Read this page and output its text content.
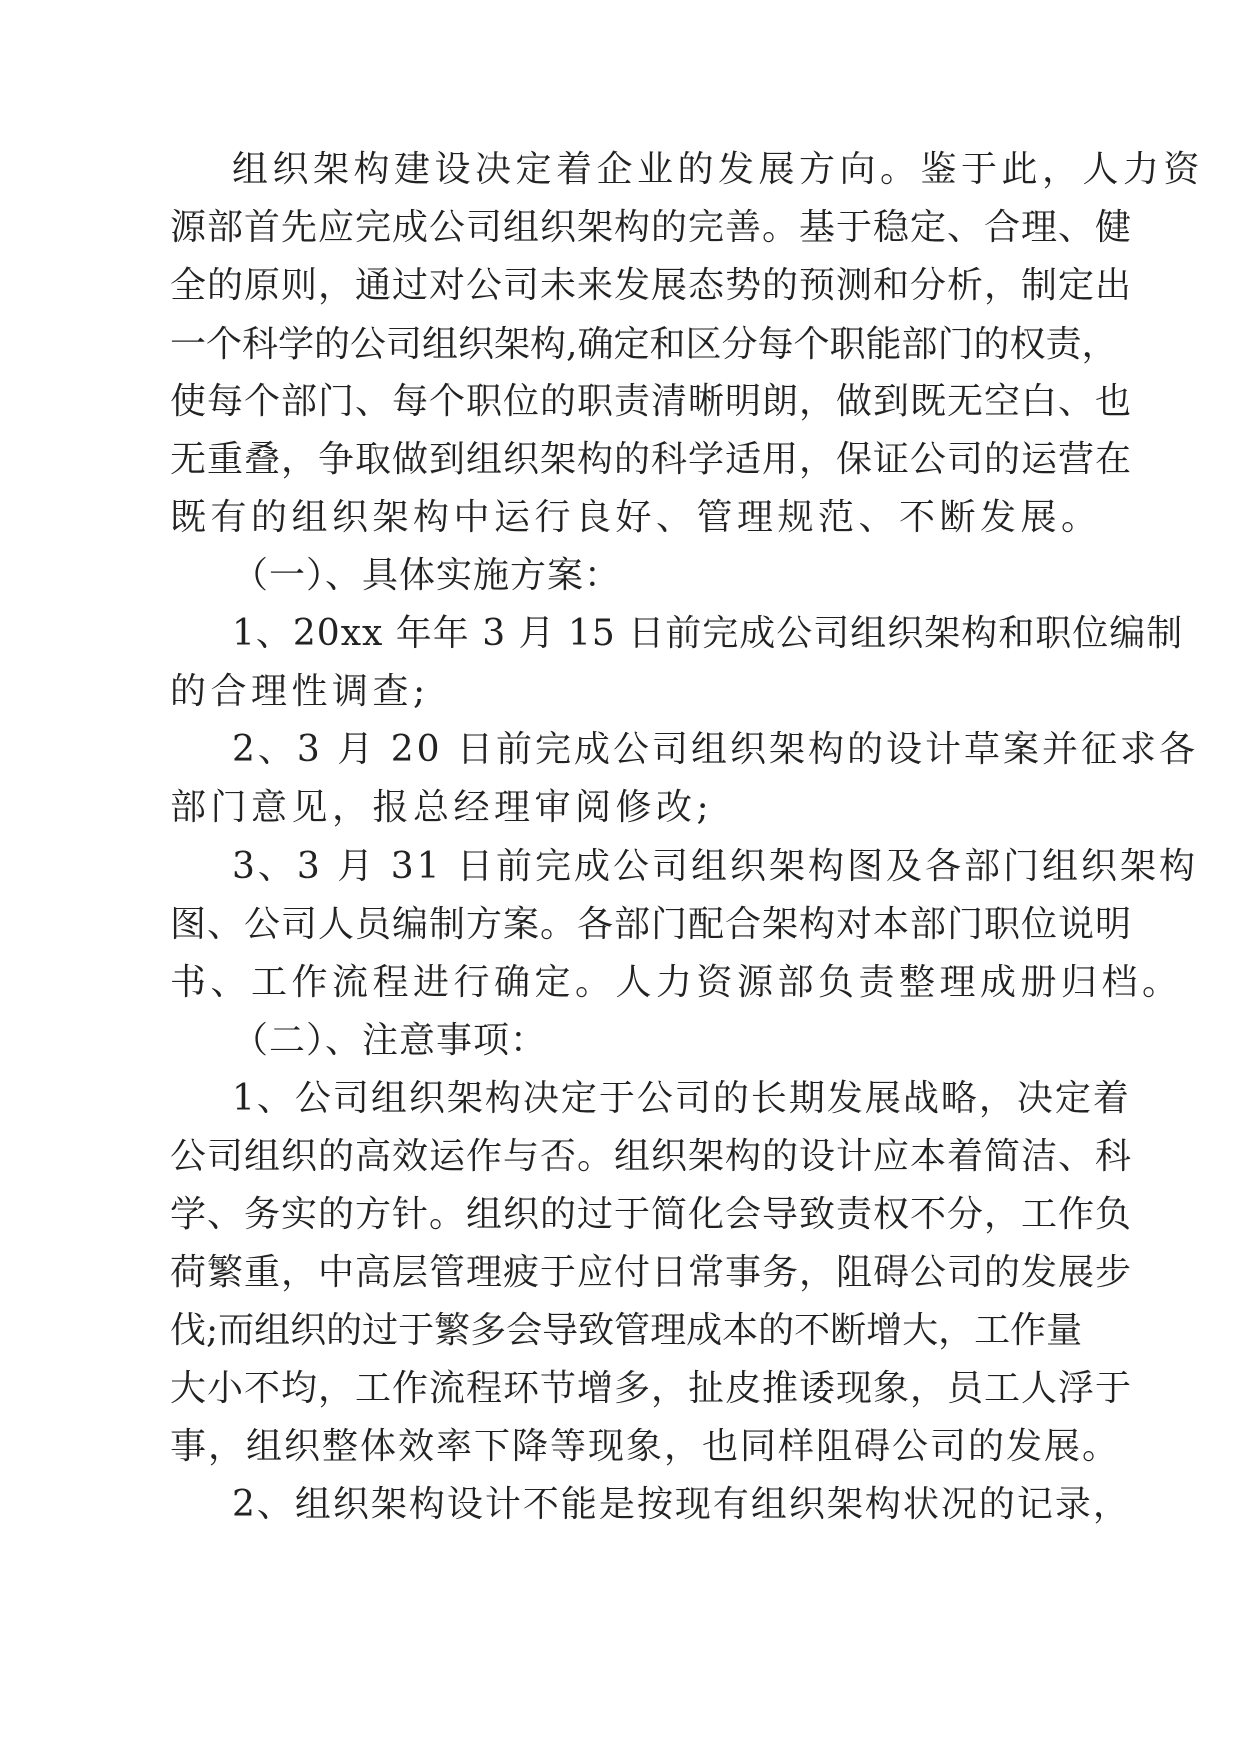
组织架构建设决定着企业的发展方向。鉴于此，人力资

源部首先应完成公司组织架构的完善。基于稳定、合理、健

全的原则，通过对公司未来发展态势的预测和分析，制定出

一个科学的公司组织架构,确定和区分每个职能部门的权责，

使每个部门、每个职位的职责清晰明朗，做到既无空白、也

无重叠，争取做到组织架构的科学适用，保证公司的运营在

既有的组织架构中运行良好、管理规范、不断发展。

（一）、具体实施方案：

1、20xx 年年 3 月 15 日前完成公司组织架构和职位编制

的合理性调查;

2、3 月 20 日前完成公司组织架构的设计草案并征求各

部门意见，报总经理审阅修改;

3、3 月 31 日前完成公司组织架构图及各部门组织架构

图、公司人员编制方案。各部门配合架构对本部门职位说明

书、工作流程进行确定。人力资源部负责整理成册归档。

（二）、注意事项：

1、公司组织架构决定于公司的长期发展战略，决定着

公司组织的高效运作与否。组织架构的设计应本着简洁、科

学、务实的方针。组织的过于简化会导致责权不分，工作负

荷繁重，中高层管理疲于应付日常事务，阻碍公司的发展步

伐;而组织的过于繁多会导致管理成本的不断增大，工作量

大小不均，工作流程环节增多，扯皮推诿现象，员工人浮于

事，组织整体效率下降等现象，也同样阻碍公司的发展。

2、组织架构设计不能是按现有组织架构状况的记录，
